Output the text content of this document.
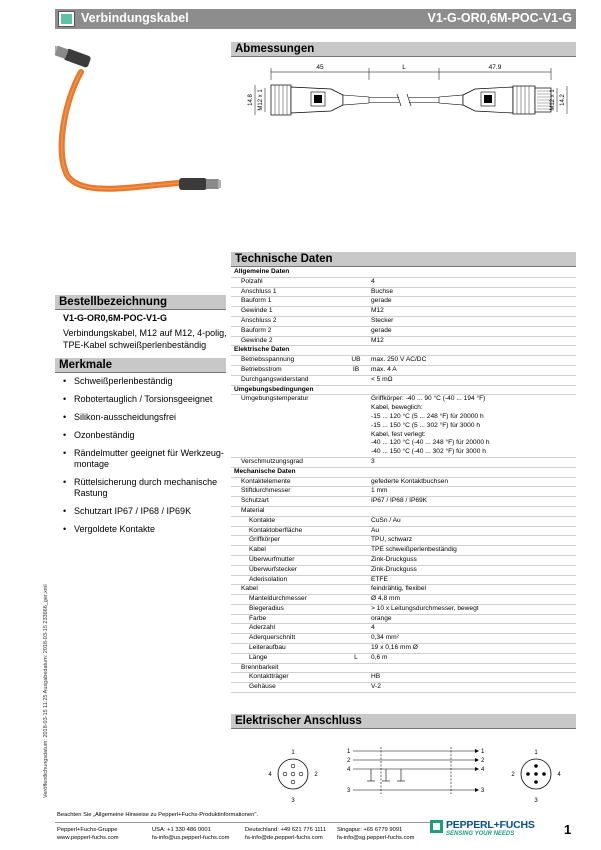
Verbindungskabel	V1-G-OR0,6M-POC-V1-G
Bestellbezeichnung
V1-G-OR0,6M-POC-V1-G
Verbindungskabel, M12 auf M12, 4-polig, TPE-Kabel schweißperlenbeständig
Merkmale
• Schweißperlenbeständig
• Robotertauglich / Torsionsgeeignet
• Silikon-ausscheidungsfrei
• Ozonbeständig
• Rändelmutter geeignet für Werkzeug-montage
• Rüttelsicherung durch mechanische Rastung
• Schutzart IP67 / IP68 / IP69K
• Vergoldete Kontakte
Veröffentlichungsdatum: 2018-03-15 11:25 Ausgabedatum: 2018-03-15 233666_ger.xml
Abmessungen
45	L	47.9
14.8 M12 x 1	M12 x 1 14.2
Technische Daten
Allgemeine Daten
Polzahl	4
Anschluss 1	Buchse
Bauform 1	gerade
Gewinde 1	M12
Anschluss 2	Stecker
Bauform 2	gerade
Gewinde 2	M12
Elektrische Daten
Betriebsspannung	UB	max. 250 V AC/DC
Betriebsstrom	IB	max. 4 A
Durchgangswiderstand	< 5 mΩ
Umgebungsbedingungen
Umgebungstemperatur	Griffkörper: -40 ... 90 °C (-40 ... 194 °F)
Kabel, beweglich:
-15 ... 120 °C (5 ... 248 °F) für 20000 h
-15 ... 150 °C (5 ... 302 °F) für 3000 h
Kabel, fest verlegt:
-40 ... 120 °C (-40 ... 248 °F) für 20000 h
-40 ... 150 °C (-40 ... 302 °F) für 3000 h
Verschmutzungsgrad	3
Mechanische Daten
Kontaktelemente	gefederte Kontaktbuchsen
Stiftdurchmesser	1 mm
Schutzart	IP67 / IP68 / IP69K
Material
Kontakte	CuSn / Au
Kontaktoberfläche	Au
Griffkörper	TPU, schwarz
Kabel	TPE schweißperlenbeständig
Überwurfmutter	Zink-Druckguss
Überwurfstecker	Zink-Druckguss
Aderisolation	ETFE
Kabel	feindrähtig, flexibel
Manteldurchmesser	Ø 4,8 mm
Biegeradius	> 10 x Leitungsdurchmesser, bewegt
Farbe	orange
Aderzahl	4
Aderquerschnitt	0,34 mm²
Leiteraufbau	19 x 0,16 mm Ø
Länge	L	0,6 m
Brennbarkeit
Kontaktträger	HB
Gehäuse	V-2
Elektrischer Anschluss
1
2
3
4
1
2
4
3
1
2
4
3
1
4
3
2
Beachten Sie „Allgemeine Hinweise zu Pepperl+Fuchs-Produktinformationen".
Pepperl+Fuchs-Gruppe
www.pepperl-fuchs.com
USA: +1 330 486 0001
fa-info@us.pepperl-fuchs.com
Deutschland: +49 621 776 1111
fa-info@de.pepperl-fuchs.com
Singapur: +65 6779 9091
fa-info@sg.pepperl-fuchs.com
PEPPERL+FUCHS
SENSING YOUR NEEDS	1
